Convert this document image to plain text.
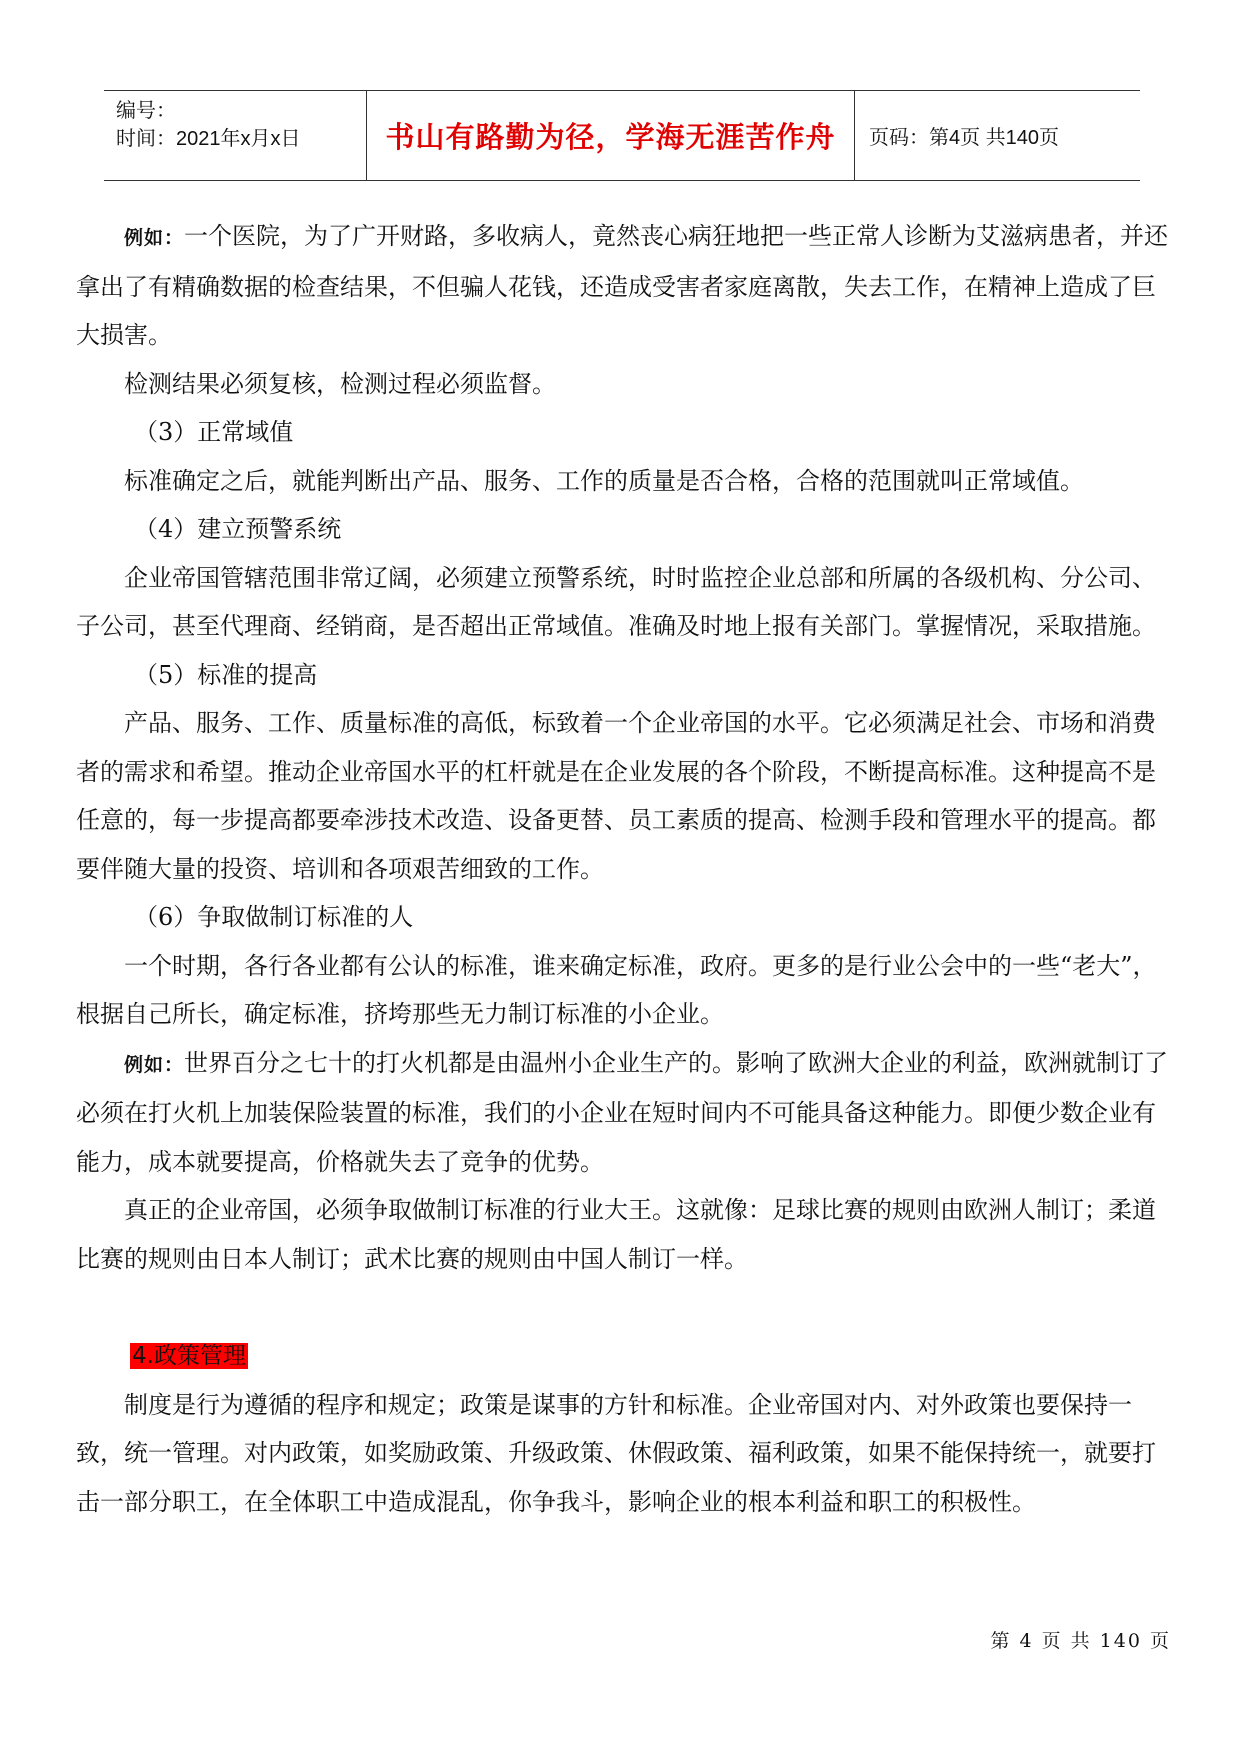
编号：
时间：2021年x月x日	书山有路勤为径，学海无涯苦作舟	页码：第4页 共140页

例如：一个医院，为了广开财路，多收病人，竟然丧心病狂地把一些正常人诊断为艾滋病患者，并还拿出了有精确数据的检查结果，不但骗人花钱，还造成受害者家庭离散，失去工作，在精神上造成了巨大损害。

检测结果必须复核，检测过程必须监督。

（3）正常域值

标准确定之后，就能判断出产品、服务、工作的质量是否合格，合格的范围就叫正常域值。

（4）建立预警系统

企业帝国管辖范围非常辽阔，必须建立预警系统，时时监控企业总部和所属的各级机构、分公司、子公司，甚至代理商、经销商，是否超出正常域值。准确及时地上报有关部门。掌握情况，采取措施。

（5）标准的提高

产品、服务、工作、质量标准的高低，标致着一个企业帝国的水平。它必须满足社会、市场和消费者的需求和希望。推动企业帝国水平的杠杆就是在企业发展的各个阶段，不断提高标准。这种提高不是任意的，每一步提高都要牵涉技术改造、设备更替、员工素质的提高、检测手段和管理水平的提高。都要伴随大量的投资、培训和各项艰苦细致的工作。

（6）争取做制订标准的人

一个时期，各行各业都有公认的标准，谁来确定标准，政府。更多的是行业公会中的一些“老大”，根据自己所长，确定标准，挤垮那些无力制订标准的小企业。

例如：世界百分之七十的打火机都是由温州小企业生产的。影响了欧洲大企业的利益，欧洲就制订了必须在打火机上加装保险装置的标准，我们的小企业在短时间内不可能具备这种能力。即便少数企业有能力，成本就要提高，价格就失去了竞争的优势。

真正的企业帝国，必须争取做制订标准的行业大王。这就像：足球比赛的规则由欧洲人制订；柔道比赛的规则由日本人制订；武术比赛的规则由中国人制订一样。

4.政策管理

制度是行为遵循的程序和规定；政策是谋事的方针和标准。企业帝国对内、对外政策也要保持一致，统一管理。对内政策，如奖励政策、升级政策、休假政策、福利政策，如果不能保持统一，就要打击一部分职工，在全体职工中造成混乱，你争我斗，影响企业的根本利益和职工的积极性。

第 4 页 共 140 页
